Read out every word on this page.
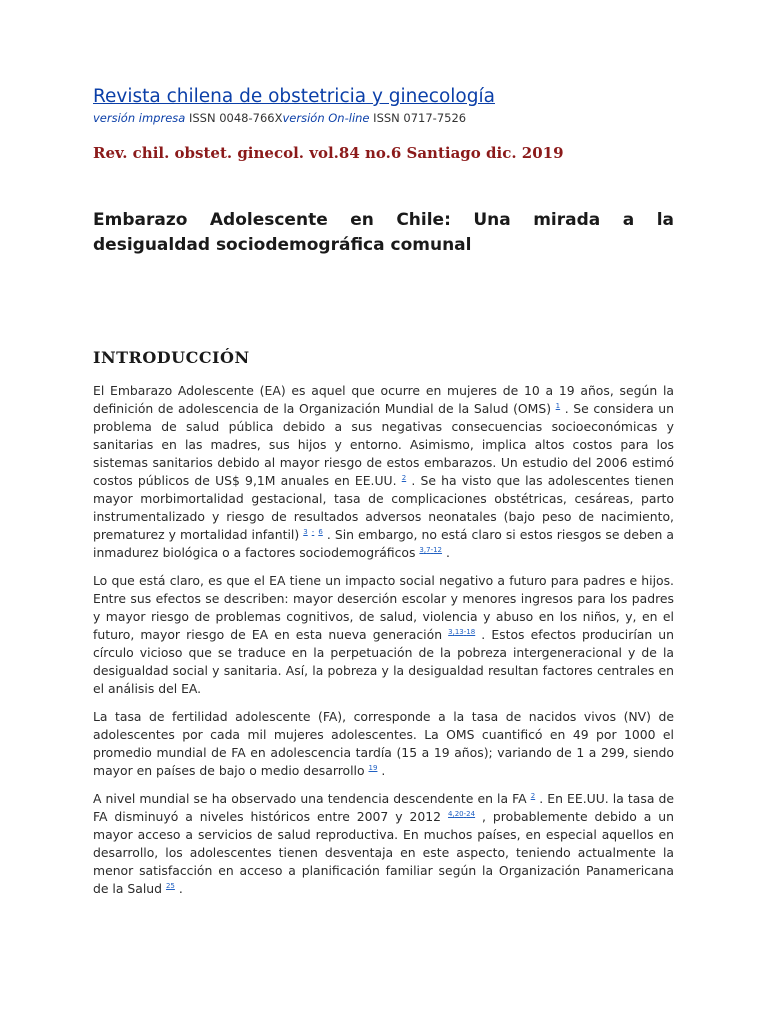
Revista chilena de obstetricia y ginecología
versión impresa ISSN 0048-766Xversión On-line ISSN 0717-7526
Rev. chil. obstet. ginecol. vol.84 no.6 Santiago dic. 2019
Embarazo Adolescente en Chile: Una mirada a la desigualdad sociodemográfica comunal
INTRODUCCIÓN

El Embarazo Adolescente (EA) es aquel que ocurre en mujeres de 10 a 19 años, según la definición de adolescencia de la Organización Mundial de la Salud (OMS) $^1$ . Se considera un problema de salud pública debido a sus negativas consecuencias socioeconómicas y sanitarias en las madres, sus hijos y entorno. Asimismo, implica altos costos para los sistemas sanitarios debido al mayor riesgo de estos embarazos. Un estudio del 2006 estimó costos públicos de US$ 9,1M anuales en EE.UU. $^2$ . Se ha visto que las adolescentes tienen mayor morbimortalidad gestacional, tasa de complicaciones obstétricas, cesáreas, parto instrumentalizado y riesgo de resultados adversos neonatales (bajo peso de nacimiento, prematurez y mortalidad infantil) $^3$ - $^6$ . Sin embargo, no está claro si estos riesgos se deben a inmadurez biológica o a factores sociodemográficos $^{3,7-12}$ .

Lo que está claro, es que el EA tiene un impacto social negativo a futuro para padres e hijos. Entre sus efectos se describen: mayor deserción escolar y menores ingresos para los padres y mayor riesgo de problemas cognitivos, de salud, violencia y abuso en los niños, y, en el futuro, mayor riesgo de EA en esta nueva generación $^{3,13-18}$ . Estos efectos producirían un círculo vicioso que se traduce en la perpetuación de la pobreza intergeneracional y de la desigualdad social y sanitaria. Así, la pobreza y la desigualdad resultan factores centrales en el análisis del EA.

La tasa de fertilidad adolescente (FA), corresponde a la tasa de nacidos vivos (NV) de adolescentes por cada mil mujeres adolescentes. La OMS cuantificó en 49 por 1000 el promedio mundial de FA en adolescencia tardía (15 a 19 años); variando de 1 a 299, siendo mayor en países de bajo o medio desarrollo $^{19}$ .

A nivel mundial se ha observado una tendencia descendente en la FA $^2$ . En EE.UU. la tasa de FA disminuyó a niveles históricos entre 2007 y 2012 $^{4,20-24}$ , probablemente debido a un mayor acceso a servicios de salud reproductiva. En muchos países, en especial aquellos en desarrollo, los adolescentes tienen desventaja en este aspecto, teniendo actualmente la menor satisfacción en acceso a planificación familiar según la Organización Panamericana de la Salud $^{25}$ .
